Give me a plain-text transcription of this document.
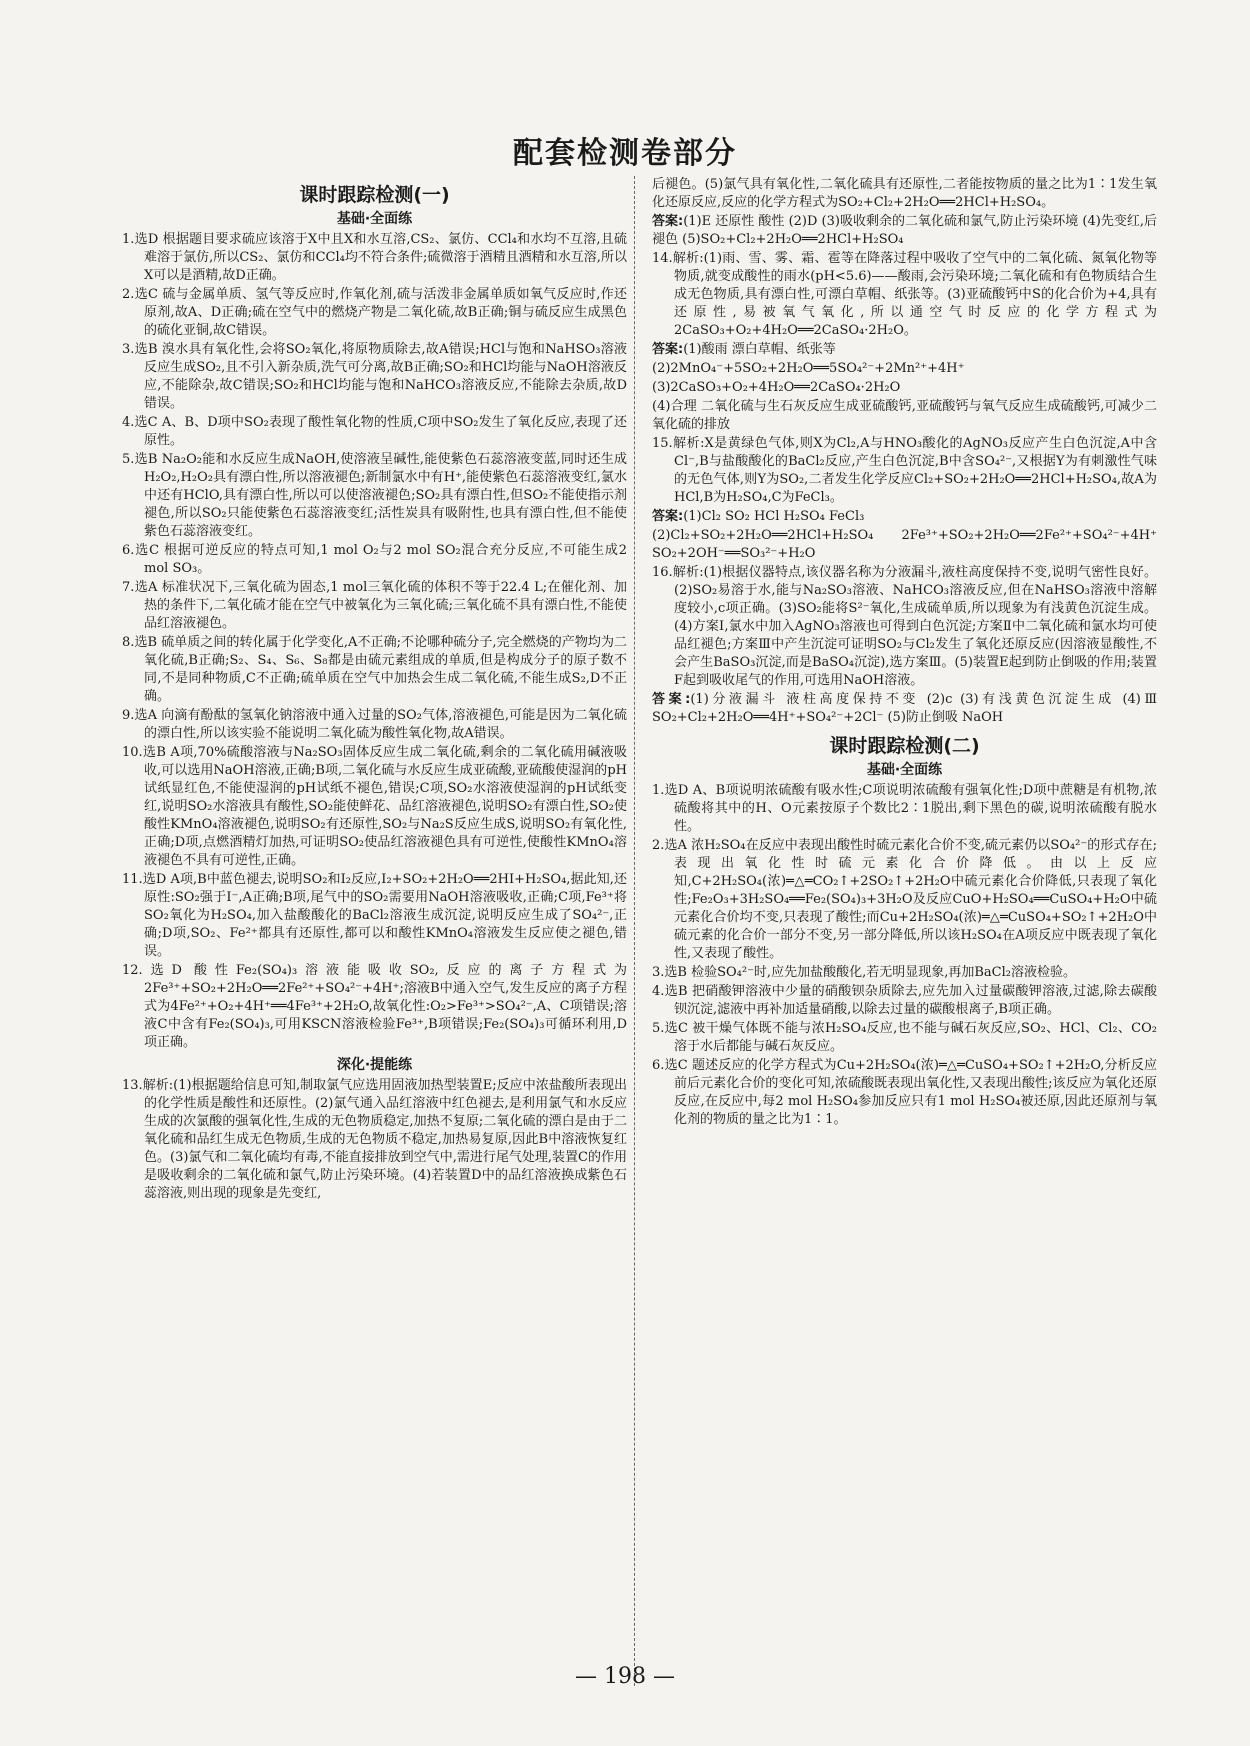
配套检测卷部分
课时跟踪检测(一)
基础·全面练
1.选D 根据题目要求硫应该溶于X中且X和水互溶,CS₂、氯仿、CCl₄和水均不互溶,且硫难溶于氯仿,所以CS₂、氯仿和CCl₄均不符合条件;硫微溶于酒精且酒精和水互溶,所以X可以是酒精,故D正确。
2.选C 硫与金属单质、氢气等反应时,作氧化剂,硫与活泼非金属单质如氧气反应时,作还原剂,故A、D正确;硫在空气中的燃烧产物是二氧化硫,故B正确;铜与硫反应生成黑色的硫化亚铜,故C错误。
3.选B 溴水具有氧化性,会将SO₂氧化,将原物质除去,故A错误;HCl与饱和NaHSO₃溶液反应生成SO₂,且不引入新杂质,洗气可分离,故B正确;SO₂和HCl均能与NaOH溶液反应,不能除杂,故C错误;SO₂和HCl均能与饱和NaHCO₃溶液反应,不能除去杂质,故D错误。
4.选C A、B、D项中SO₂表现了酸性氧化物的性质,C项中SO₂发生了氧化反应,表现了还原性。
5.选B Na₂O₂能和水反应生成NaOH,使溶液呈碱性,能使紫色石蕊溶液变蓝,同时还生成H₂O₂,H₂O₂具有漂白性,所以溶液褪色;新制氯水中有H⁺,能使紫色石蕊溶液变红,氯水中还有HClO,具有漂白性,所以可以使溶液褪色;SO₂具有漂白性,但SO₂不能使指示剂褪色,所以SO₂只能使紫色石蕊溶液变红;活性炭具有吸附性,也具有漂白性,但不能使紫色石蕊溶液变红。
6.选C 根据可逆反应的特点可知,1 mol O₂与2 mol SO₂混合充分反应,不可能生成2 mol SO₃。
7.选A 标准状况下,三氧化硫为固态,1 mol三氧化硫的体积不等于22.4 L;在催化剂、加热的条件下,二氧化硫才能在空气中被氧化为三氧化硫;三氧化硫不具有漂白性,不能使品红溶液褪色。
8.选B 硫单质之间的转化属于化学变化,A不正确;不论哪种硫分子,完全燃烧的产物均为二氧化硫,B正确;S₂、S₄、S₆、S₈都是由硫元素组成的单质,但是构成分子的原子数不同,不是同种物质,C不正确;硫单质在空气中加热会生成二氧化硫,不能生成S₂,D不正确。
9.选A 向滴有酚酞的氢氧化钠溶液中通入过量的SO₂气体,溶液褪色,可能是因为二氧化硫的漂白性,所以该实验不能说明二氧化硫为酸性氧化物,故A错误。
10.选B A项,70%硫酸溶液与Na₂SO₃固体反应生成二氧化硫,剩余的二氧化硫用碱液吸收,可以选用NaOH溶液,正确;B项,二氧化硫与水反应生成亚硫酸,亚硫酸使湿润的pH试纸显红色,不能使湿润的pH试纸不褪色,错误;C项,SO₂水溶液使湿润的pH试纸变红,说明SO₂水溶液具有酸性,SO₂能使鲜花、品红溶液褪色,说明SO₂有漂白性,SO₂使酸性KMnO₄溶液褪色,说明SO₂有还原性,SO₂与Na₂S反应生成S,说明SO₂有氧化性,正确;D项,点燃酒精灯加热,可证明SO₂使品红溶液褪色具有可逆性,使酸性KMnO₄溶液褪色不具有可逆性,正确。
11.选D A项,B中蓝色褪去,说明SO₂和I₂反应,I₂+SO₂+2H₂O══2HI+H₂SO₄,据此知,还原性:SO₂强于I⁻,A正确;B项,尾气中的SO₂需要用NaOH溶液吸收,正确;C项,Fe³⁺将SO₂氧化为H₂SO₄,加入盐酸酸化的BaCl₂溶液生成沉淀,说明反应生成了SO₄²⁻,正确;D项,SO₂、Fe²⁺都具有还原性,都可以和酸性KMnO₄溶液发生反应使之褪色,错误。
12.选D 酸性Fe₂(SO₄)₃溶液能吸收SO₂,反应的离子方程式为2Fe³⁺+SO₂+2H₂O══2Fe²⁺+SO₄²⁻+4H⁺;溶液B中通入空气,发生反应的离子方程式为4Fe²⁺+O₂+4H⁺══4Fe³⁺+2H₂O,故氧化性:O₂>Fe³⁺>SO₄²⁻,A、C项错误;溶液C中含有Fe₂(SO₄)₃,可用KSCN溶液检验Fe³⁺,B项错误;Fe₂(SO₄)₃可循环利用,D项正确。
深化·提能练
13.解析:(1)根据题给信息可知,制取氯气应选用固液加热型装置E;反应中浓盐酸所表现出的化学性质是酸性和还原性。(2)氯气通入品红溶液中红色褪去,是利用氯气和水反应生成的次氯酸的强氧化性,生成的无色物质稳定,加热不复原;二氧化硫的漂白是由于二氧化硫和品红生成无色物质,生成的无色物质不稳定,加热易复原,因此B中溶液恢复红色。(3)氯气和二氧化硫均有毒,不能直接排放到空气中,需进行尾气处理,装置C的作用是吸收剩余的二氧化硫和氯气,防止污染环境。(4)若装置D中的品红溶液换成紫色石蕊溶液,则出现的现象是先变红,
后褪色。(5)氯气具有氧化性,二氧化硫具有还原性,二者能按物质的量之比为1∶1发生氧化还原反应,反应的化学方程式为SO₂+Cl₂+2H₂O══2HCl+H₂SO₄。
答案:(1)E 还原性 酸性 (2)D (3)吸收剩余的二氧化硫和氯气,防止污染环境 (4)先变红,后褪色 (5)SO₂+Cl₂+2H₂O══2HCl+H₂SO₄
14.解析:(1)雨、雪、雾、霜、雹等在降落过程中吸收了空气中的二氧化硫、氮氧化物等物质,就变成酸性的雨水(pH<5.6)——酸雨,会污染环境;二氧化硫和有色物质结合生成无色物质,具有漂白性,可漂白草帽、纸张等。(3)亚硫酸钙中S的化合价为+4,具有还原性,易被氧气氧化,所以通空气时反应的化学方程式为2CaSO₃+O₂+4H₂O══2CaSO₄·2H₂O。
答案:(1)酸雨 漂白草帽、纸张等
(2)2MnO₄⁻+5SO₂+2H₂O══5SO₄²⁻+2Mn²⁺+4H⁺
(3)2CaSO₃+O₂+4H₂O══2CaSO₄·2H₂O
(4)合理 二氧化硫与生石灰反应生成亚硫酸钙,亚硫酸钙与氧气反应生成硫酸钙,可减少二氧化硫的排放
15.解析:X是黄绿色气体,则X为Cl₂,A与HNO₃酸化的AgNO₃反应产生白色沉淀,A中含Cl⁻,B与盐酸酸化的BaCl₂反应,产生白色沉淀,B中含SO₄²⁻,又根据Y为有刺激性气味的无色气体,则Y为SO₂,二者发生化学反应Cl₂+SO₂+2H₂O══2HCl+H₂SO₄,故A为HCl,B为H₂SO₄,C为FeCl₃。
答案:(1)Cl₂ SO₂ HCl H₂SO₄ FeCl₃
(2)Cl₂+SO₂+2H₂O══2HCl+H₂SO₄ 2Fe³⁺+SO₂+2H₂O══2Fe²⁺+SO₄²⁻+4H⁺ SO₂+2OH⁻══SO₃²⁻+H₂O
16.解析:(1)根据仪器特点,该仪器名称为分液漏斗,液柱高度保持不变,说明气密性良好。(2)SO₂易溶于水,能与Na₂SO₃溶液、NaHCO₃溶液反应,但在NaHSO₃溶液中溶解度较小,c项正确。(3)SO₂能将S²⁻氧化,生成硫单质,所以现象为有浅黄色沉淀生成。(4)方案Ⅰ,氯水中加入AgNO₃溶液也可得到白色沉淀;方案Ⅱ中二氧化硫和氯水均可使品红褪色;方案Ⅲ中产生沉淀可证明SO₂与Cl₂发生了氧化还原反应(因溶液显酸性,不会产生BaSO₃沉淀,而是BaSO₄沉淀),选方案Ⅲ。(5)装置E起到防止倒吸的作用;装置F起到吸收尾气的作用,可选用NaOH溶液。
答案:(1)分液漏斗 液柱高度保持不变 (2)c (3)有浅黄色沉淀生成 (4)Ⅲ SO₂+Cl₂+2H₂O══4H⁺+SO₄²⁻+2Cl⁻ (5)防止倒吸 NaOH
课时跟踪检测(二)
基础·全面练
1.选D A、B项说明浓硫酸有吸水性;C项说明浓硫酸有强氧化性;D项中蔗糖是有机物,浓硫酸将其中的H、O元素按原子个数比2∶1脱出,剩下黑色的碳,说明浓硫酸有脱水性。
2.选A 浓H₂SO₄在反应中表现出酸性时硫元素化合价不变,硫元素仍以SO₄²⁻的形式存在;表现出氧化性时硫元素化合价降低。由以上反应知,C+2H₂SO₄(浓)═△═CO₂↑+2SO₂↑+2H₂O中硫元素化合价降低,只表现了氧化性;Fe₂O₃+3H₂SO₄══Fe₂(SO₄)₃+3H₂O及反应CuO+H₂SO₄══CuSO₄+H₂O中硫元素化合价均不变,只表现了酸性;而Cu+2H₂SO₄(浓)═△═CuSO₄+SO₂↑+2H₂O中硫元素的化合价一部分不变,另一部分降低,所以该H₂SO₄在A项反应中既表现了氧化性,又表现了酸性。
3.选B 检验SO₄²⁻时,应先加盐酸酸化,若无明显现象,再加BaCl₂溶液检验。
4.选B 把硝酸钾溶液中少量的硝酸钡杂质除去,应先加入过量碳酸钾溶液,过滤,除去碳酸钡沉淀,滤液中再补加适量硝酸,以除去过量的碳酸根离子,B项正确。
5.选C 被干燥气体既不能与浓H₂SO₄反应,也不能与碱石灰反应,SO₂、HCl、Cl₂、CO₂溶于水后都能与碱石灰反应。
6.选C 题述反应的化学方程式为Cu+2H₂SO₄(浓)═△═CuSO₄+SO₂↑+2H₂O,分析反应前后元素化合价的变化可知,浓硫酸既表现出氧化性,又表现出酸性;该反应为氧化还原反应,在反应中,每2 mol H₂SO₄参加反应只有1 mol H₂SO₄被还原,因此还原剂与氧化剂的物质的量之比为1∶1。
— 198 —
